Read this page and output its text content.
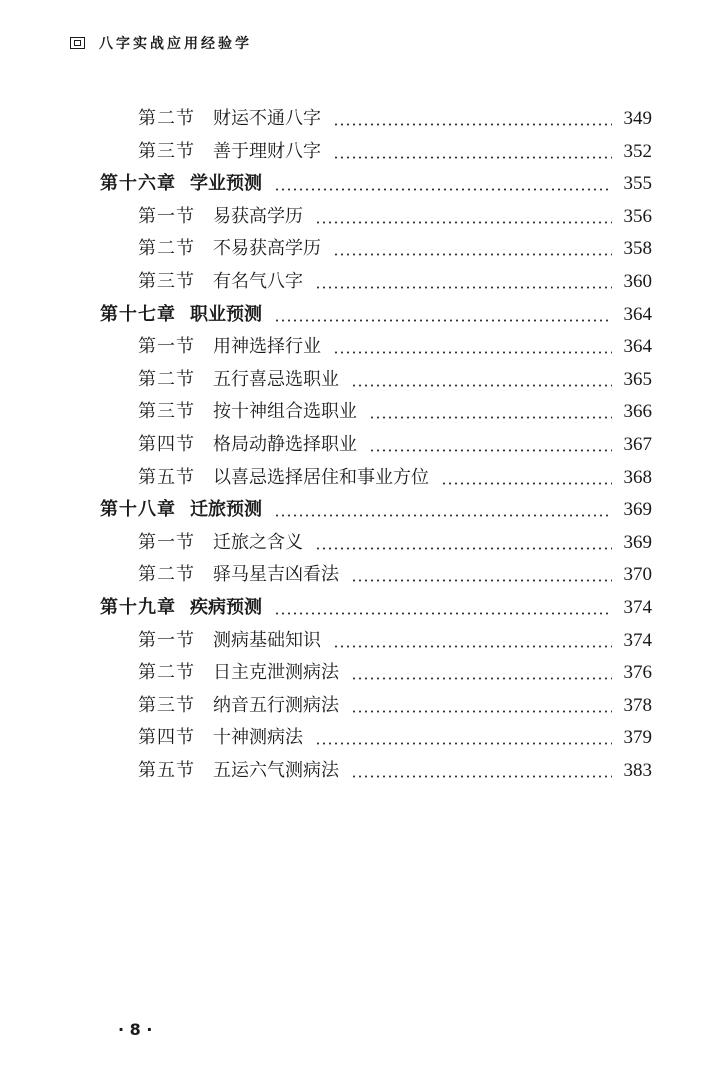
八字实战应用经验学
第二节 财运不通八字	349
第三节 善于理财八字	352
第十六章 学业预测	355
第一节 易获高学历	356
第二节 不易获高学历	358
第三节 有名气八字	360
第十七章 职业预测	364
第一节 用神选择行业	364
第二节 五行喜忌选职业	365
第三节 按十神组合选职业	366
第四节 格局动静选择职业	367
第五节 以喜忌选择居住和事业方位	368
第十八章 迁旅预测	369
第一节 迁旅之含义	369
第二节 驿马星吉凶看法	370
第十九章 疾病预测	374
第一节 测病基础知识	374
第二节 日主克泄测病法	376
第三节 纳音五行测病法	378
第四节 十神测病法	379
第五节 五运六气测病法	383
· 8 ·
